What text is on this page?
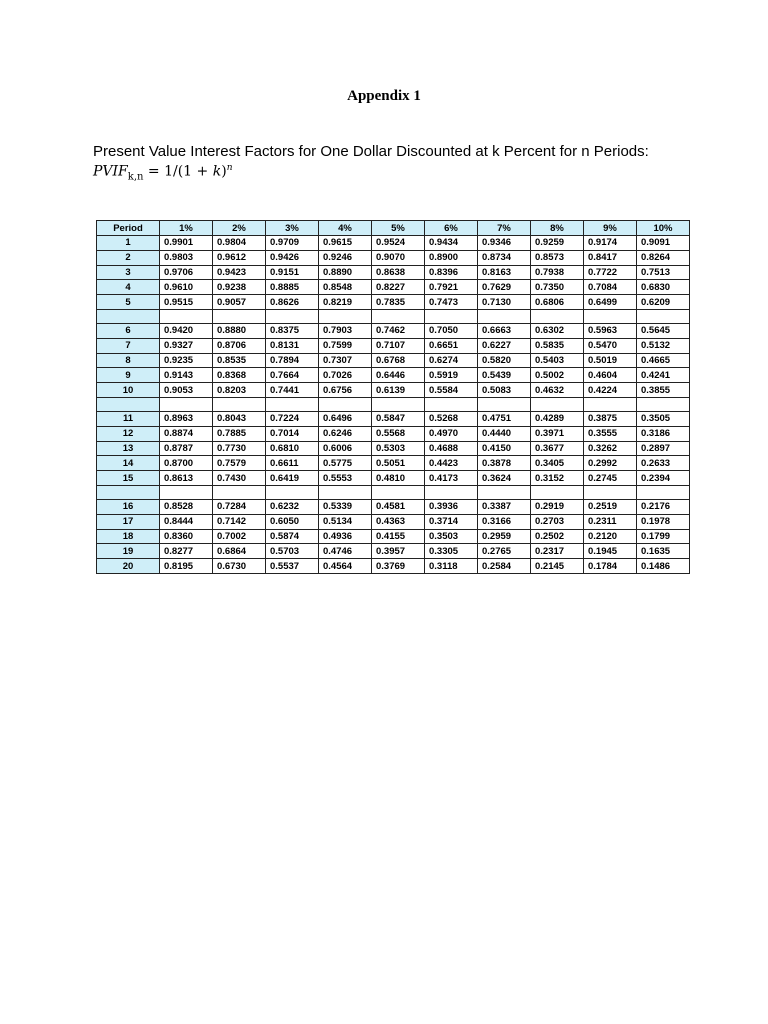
Appendix 1
Present Value Interest Factors for One Dollar Discounted at k Percent for n Periods:
$PVIF_{k,n} = 1/(1 + k)^n$
Period	1%	2%	3%	4%	5%	6%	7%	8%	9%	10%
1	0.9901	0.9804	0.9709	0.9615	0.9524	0.9434	0.9346	0.9259	0.9174	0.9091
2	0.9803	0.9612	0.9426	0.9246	0.9070	0.8900	0.8734	0.8573	0.8417	0.8264
3	0.9706	0.9423	0.9151	0.8890	0.8638	0.8396	0.8163	0.7938	0.7722	0.7513
4	0.9610	0.9238	0.8885	0.8548	0.8227	0.7921	0.7629	0.7350	0.7084	0.6830
5	0.9515	0.9057	0.8626	0.8219	0.7835	0.7473	0.7130	0.6806	0.6499	0.6209

6	0.9420	0.8880	0.8375	0.7903	0.7462	0.7050	0.6663	0.6302	0.5963	0.5645
7	0.9327	0.8706	0.8131	0.7599	0.7107	0.6651	0.6227	0.5835	0.5470	0.5132
8	0.9235	0.8535	0.7894	0.7307	0.6768	0.6274	0.5820	0.5403	0.5019	0.4665
9	0.9143	0.8368	0.7664	0.7026	0.6446	0.5919	0.5439	0.5002	0.4604	0.4241
10	0.9053	0.8203	0.7441	0.6756	0.6139	0.5584	0.5083	0.4632	0.4224	0.3855

11	0.8963	0.8043	0.7224	0.6496	0.5847	0.5268	0.4751	0.4289	0.3875	0.3505
12	0.8874	0.7885	0.7014	0.6246	0.5568	0.4970	0.4440	0.3971	0.3555	0.3186
13	0.8787	0.7730	0.6810	0.6006	0.5303	0.4688	0.4150	0.3677	0.3262	0.2897
14	0.8700	0.7579	0.6611	0.5775	0.5051	0.4423	0.3878	0.3405	0.2992	0.2633
15	0.8613	0.7430	0.6419	0.5553	0.4810	0.4173	0.3624	0.3152	0.2745	0.2394

16	0.8528	0.7284	0.6232	0.5339	0.4581	0.3936	0.3387	0.2919	0.2519	0.2176
17	0.8444	0.7142	0.6050	0.5134	0.4363	0.3714	0.3166	0.2703	0.2311	0.1978
18	0.8360	0.7002	0.5874	0.4936	0.4155	0.3503	0.2959	0.2502	0.2120	0.1799
19	0.8277	0.6864	0.5703	0.4746	0.3957	0.3305	0.2765	0.2317	0.1945	0.1635
20	0.8195	0.6730	0.5537	0.4564	0.3769	0.3118	0.2584	0.2145	0.1784	0.1486
